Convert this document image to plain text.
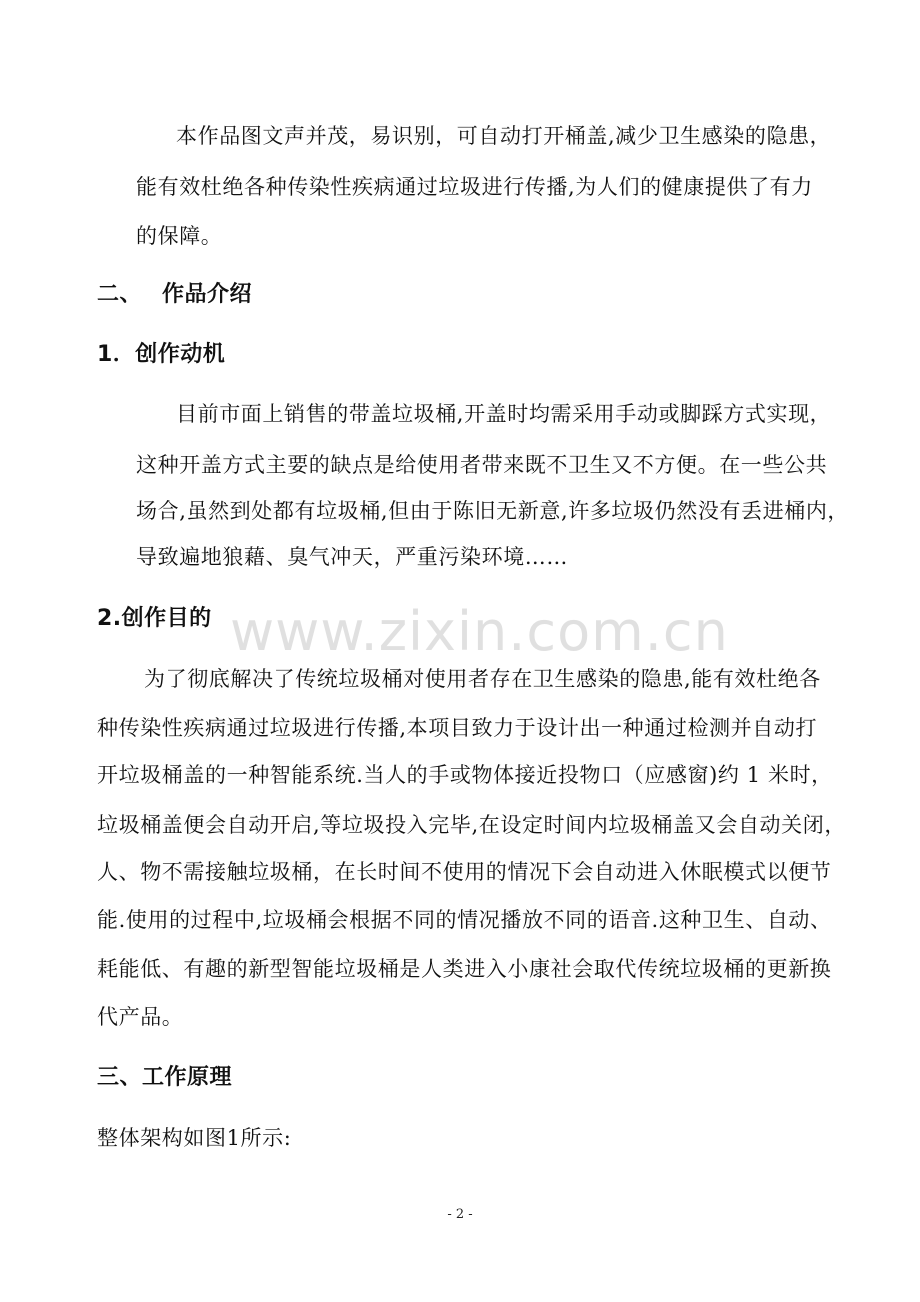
本作品图文声并茂，易识别，可自动打开桶盖,减少卫生感染的隐患，
能有效杜绝各种传染性疾病通过垃圾进行传播,为人们的健康提供了有力
的保障。
二、 作品介绍
1．创作动机
目前市面上销售的带盖垃圾桶,开盖时均需采用手动或脚踩方式实现，
这种开盖方式主要的缺点是给使用者带来既不卫生又不方便。在一些公共
场合,虽然到处都有垃圾桶,但由于陈旧无新意,许多垃圾仍然没有丢进桶内，
导致遍地狼藉、臭气冲天，严重污染环境……
2.创作目的 www.zixin.com.cn
为了彻底解决了传统垃圾桶对使用者存在卫生感染的隐患,能有效杜绝各
种传染性疾病通过垃圾进行传播,本项目致力于设计出一种通过检测并自动打
开垃圾桶盖的一种智能系统.当人的手或物体接近投物口（应感窗)约 1 米时，
垃圾桶盖便会自动开启,等垃圾投入完毕,在设定时间内垃圾桶盖又会自动关闭，
人、物不需接触垃圾桶，在长时间不使用的情况下会自动进入休眠模式以便节
能.使用的过程中,垃圾桶会根据不同的情况播放不同的语音.这种卫生、自动、
耗能低、有趣的新型智能垃圾桶是人类进入小康社会取代传统垃圾桶的更新换
代产品。
三、工作原理
整体架构如图1所示:
- 2 -
